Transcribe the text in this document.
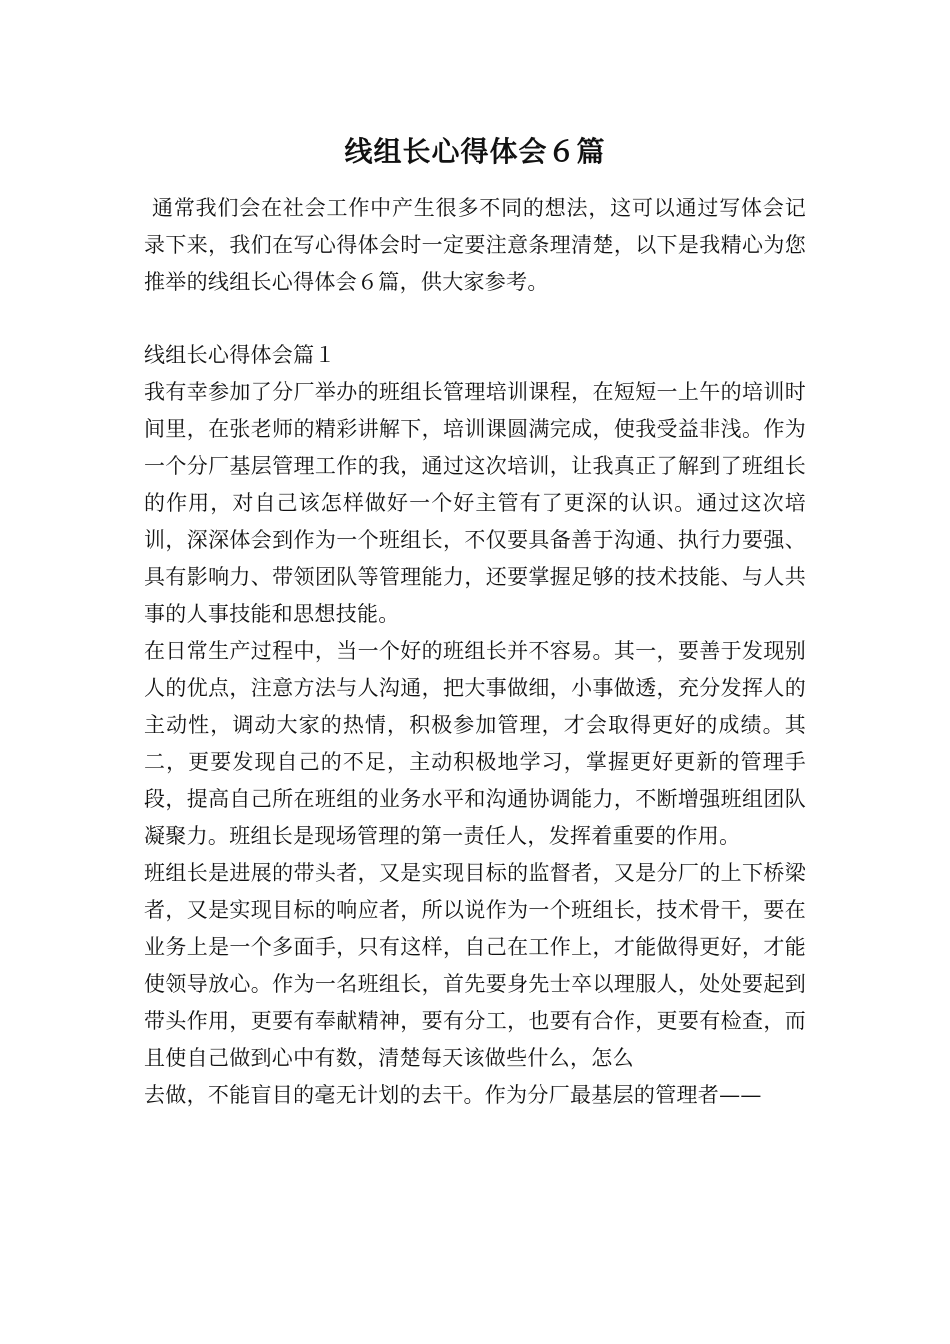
线组长心得体会６篇

通常我们会在社会工作中产生很多不同的想法，这可以通过写体会记录下来，我们在写心得体会时一定要注意条理清楚，以下是我精心为您推举的线组长心得体会６篇，供大家参考。

线组长心得体会篇１

我有幸参加了分厂举办的班组长管理培训课程，在短短一上午的培训时间里，在张老师的精彩讲解下，培训课圆满完成，使我受益非浅。作为一个分厂基层管理工作的我，通过这次培训，让我真正了解到了班组长的作用，对自己该怎样做好一个好主管有了更深的认识。通过这次培训，深深体会到作为一个班组长，不仅要具备善于沟通、执行力要强、具有影响力、带领团队等管理能力，还要掌握足够的技术技能、与人共事的人事技能和思想技能。

在日常生产过程中，当一个好的班组长并不容易。其一，要善于发现别人的优点，注意方法与人沟通，把大事做细，小事做透，充分发挥人的主动性，调动大家的热情，积极参加管理，才会取得更好的成绩。其二，更要发现自己的不足，主动积极地学习，掌握更好更新的管理手段，提高自己所在班组的业务水平和沟通协调能力，不断增强班组团队凝聚力。班组长是现场管理的第一责任人，发挥着重要的作用。

班组长是进展的带头者，又是实现目标的监督者，又是分厂的上下桥梁者，又是实现目标的响应者，所以说作为一个班组长，技术骨干，要在业务上是一个多面手，只有这样，自己在工作上，才能做得更好，才能使领导放心。作为一名班组长，首先要身先士卒以理服人，处处要起到带头作用，更要有奉献精神，要有分工，也要有合作，更要有检查，而且使自己做到心中有数，清楚每天该做些什么，怎么

去做，不能盲目的毫无计划的去干。作为分厂最基层的管理者——
